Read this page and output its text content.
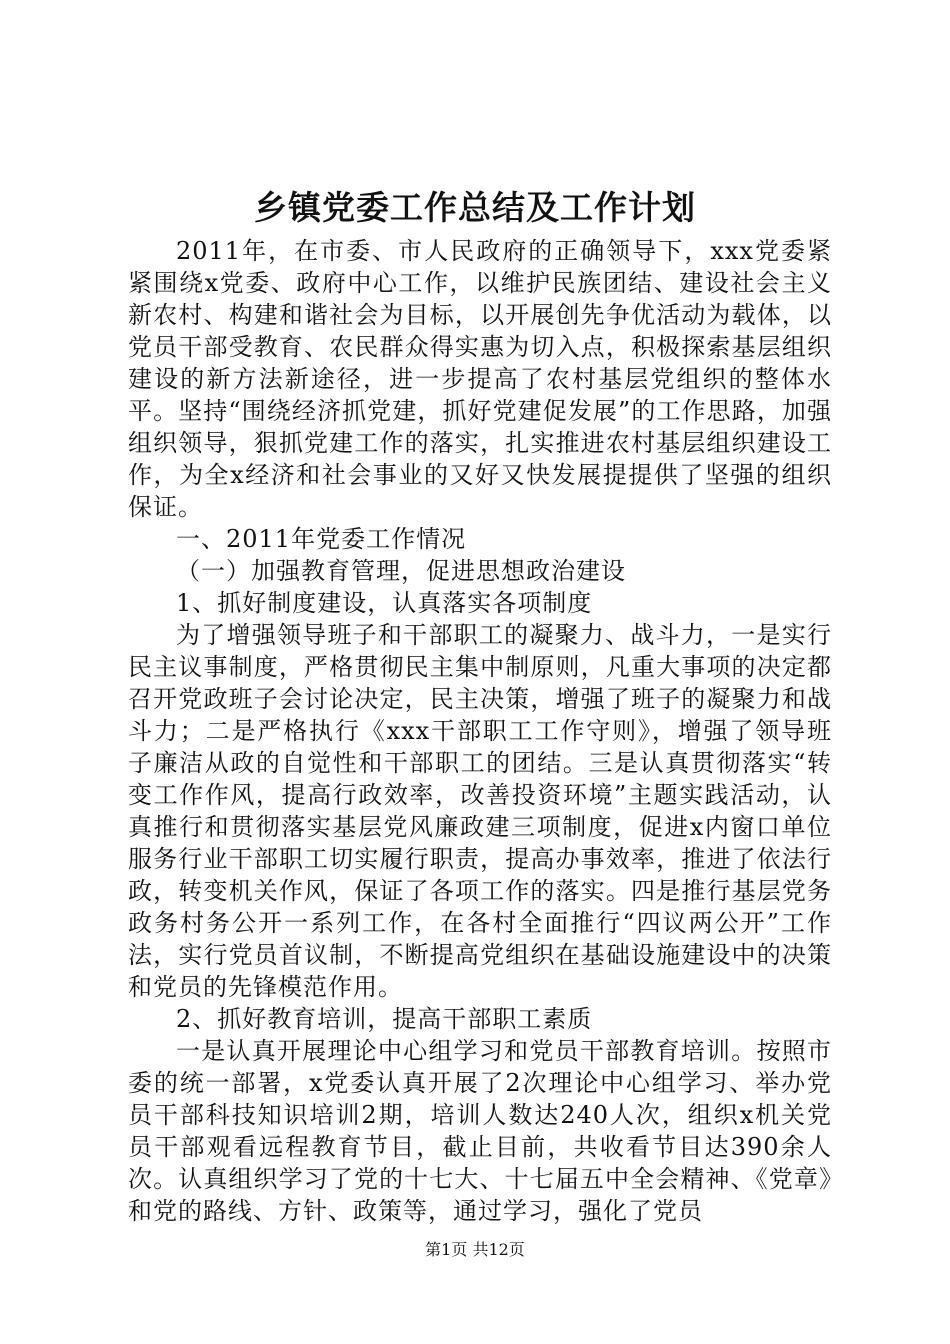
乡镇党委工作总结及工作计划

2011年，在市委、市人民政府的正确领导下，xxx党委紧紧围绕x党委、政府中心工作，以维护民族团结、建设社会主义新农村、构建和谐社会为目标，以开展创先争优活动为载体，以党员干部受教育、农民群众得实惠为切入点，积极探索基层组织建设的新方法新途径，进一步提高了农村基层党组织的整体水平。坚持“围绕经济抓党建，抓好党建促发展”的工作思路，加强组织领导，狠抓党建工作的落实，扎实推进农村基层组织建设工作，为全x经济和社会事业的又好又快发展提提供了坚强的组织保证。

一、2011年党委工作情况

（一）加强教育管理，促进思想政治建设

1、抓好制度建设，认真落实各项制度

为了增强领导班子和干部职工的凝聚力、战斗力，一是实行民主议事制度，严格贯彻民主集中制原则，凡重大事项的决定都召开党政班子会讨论决定，民主决策，增强了班子的凝聚力和战斗力；二是严格执行《xxx干部职工工作守则》，增强了领导班子廉洁从政的自觉性和干部职工的团结。三是认真贯彻落实“转变工作作风，提高行政效率，改善投资环境”主题实践活动，认真推行和贯彻落实基层党风廉政建三项制度，促进x内窗口单位服务行业干部职工切实履行职责，提高办事效率，推进了依法行政，转变机关作风，保证了各项工作的落实。四是推行基层党务政务村务公开一系列工作，在各村全面推行“四议两公开”工作法，实行党员首议制，不断提高党组织在基础设施建设中的决策和党员的先锋模范作用。

2、抓好教育培训，提高干部职工素质

一是认真开展理论中心组学习和党员干部教育培训。按照市委的统一部署，x党委认真开展了2次理论中心组学习、举办党员干部科技知识培训2期，培训人数达240人次，组织x机关党员干部观看远程教育节目，截止目前，共收看节目达390余人次。认真组织学习了党的十七大、十七届五中全会精神、《党章》和党的路线、方针、政策等，通过学习，强化了党员

第1页 共12页
